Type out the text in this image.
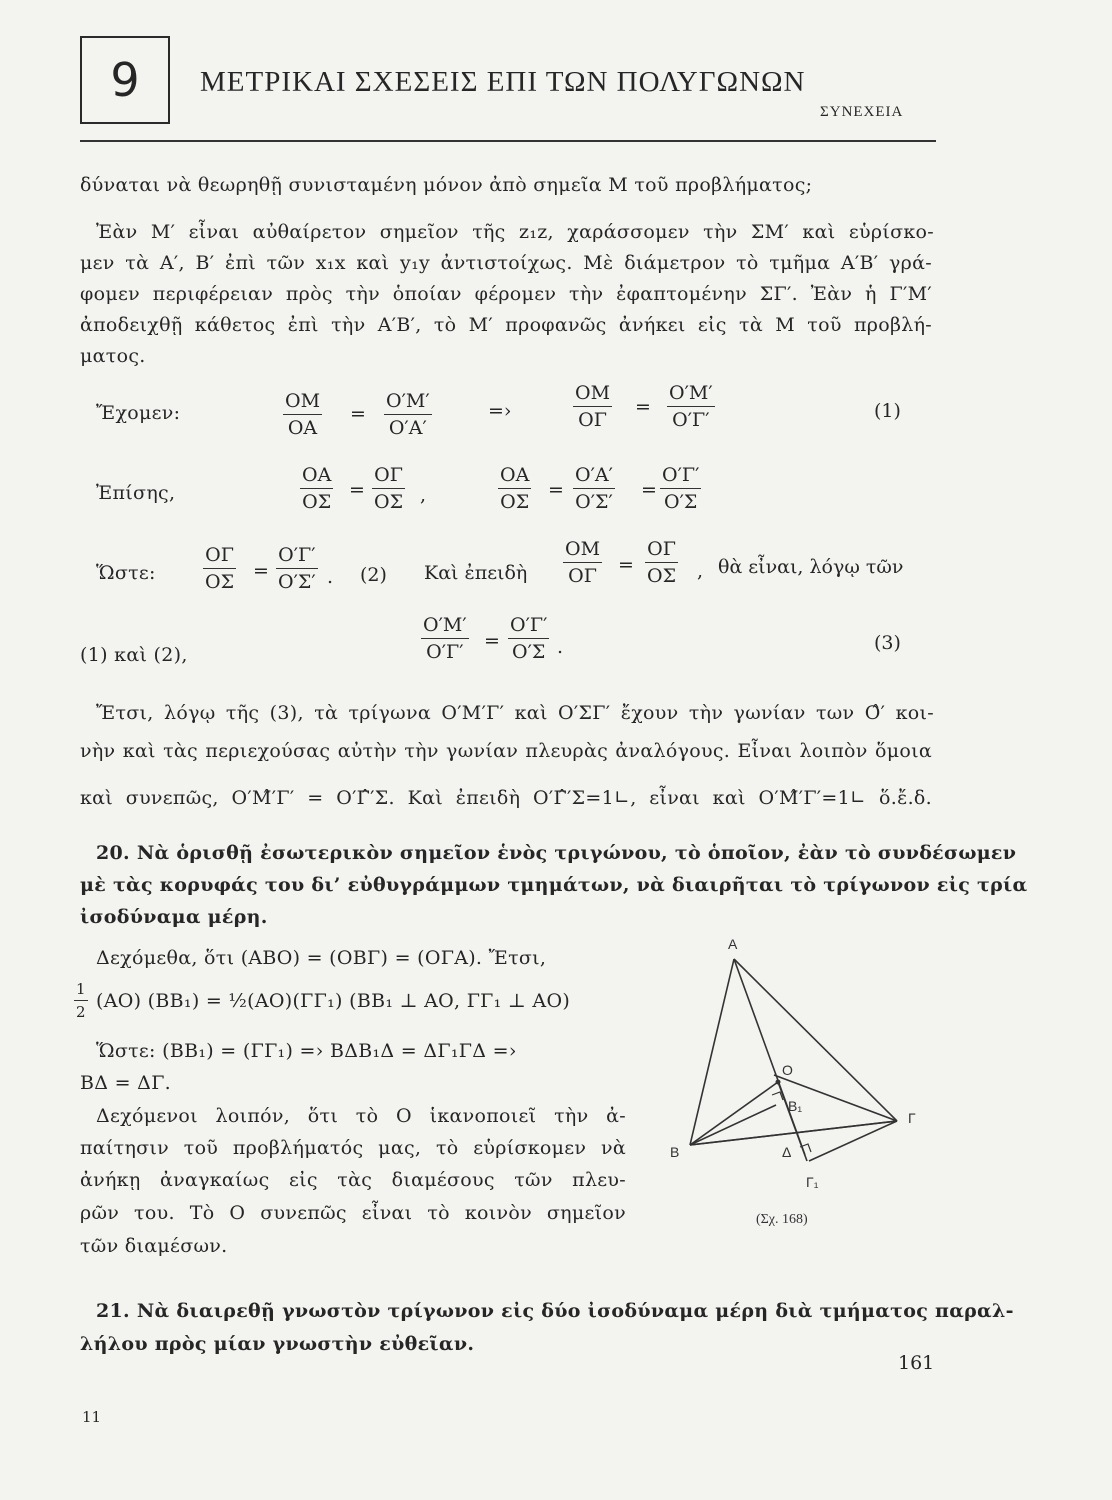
9 ΜΕΤΡΙΚΑΙ ΣΧΕΣΕΙΣ ΕΠΙ ΤΩΝ ΠΟΛΥΓΩΝΩΝ
ΣΥΝΕΧΕΙΑ
δύναται νὰ θεωρηθῇ συνισταμένη μόνον ἀπὸ σημεῖα Μ τοῦ προβλήματος;
Ἐὰν Μ′ εἶναι αὐθαίρετον σημεῖον τῆς z₁z, χαράσσομεν τὴν ΣΜ′ καὶ εὑρίσκο-
μεν τὰ Α′, Β′ ἐπὶ τῶν x₁x καὶ y₁y ἀντιστοίχως. Μὲ διάμετρον τὸ τμῆμα Α′Β′ γρά-
φομεν περιφέρειαν πρὸς τὴν ὁποίαν φέρομεν τὴν ἐφαπτομένην ΣΓ′. Ἐὰν ἡ Γ′Μ′
ἀποδειχθῇ κάθετος ἐπὶ τὴν Α′Β′, τὸ Μ′ προφανῶς ἀνήκει εἰς τὰ Μ τοῦ προβλή-
ματος.
Ἔχομεν:	$\frac{OM}{OA} = \frac{O'M'}{O'A'}$	=›	$\frac{OM}{O\Gamma} = \frac{O'M'}{O'\Gamma'}$	(1)
Ἐπίσης,	$\frac{OA}{O\Sigma} = \frac{O\Gamma}{O\Sigma}$ ,	$\frac{OA}{O\Sigma} = \frac{O'A'}{O'\Sigma'} = \frac{O'\Gamma'}{O'\Sigma}$
Ὥστε: $\frac{O\Gamma}{O\Sigma} = \frac{O'\Gamma'}{O'\Sigma'}$ . (2) Καὶ ἐπειδὴ $\frac{OM}{O\Gamma} = \frac{O\Gamma}{O\Sigma}$ , θὰ εἶναι, λόγῳ τῶν
(1) καὶ (2),	$\frac{O'M'}{O'\Gamma'} = \frac{O'\Gamma'}{O'\Sigma}$ .	(3)
Ἔτσι, λόγῳ τῆς (3), τὰ τρίγωνα Ο′Μ′Γ′ καὶ Ο′ΣΓ′ ἔχουν τὴν γωνίαν των Ο̂′ κοι-
νὴν καὶ τὰς περιεχούσας αὐτὴν τὴν γωνίαν πλευρὰς ἀναλόγους. Εἶναι λοιπὸν ὅμοια
καὶ συνεπῶς, Ο′Μ̂′Γ′ = Ο′Γ̂′Σ. Καὶ ἐπειδὴ Ο′Γ̂′Σ=1∟, εἶναι καὶ Ο′Μ̂′Γ′=1∟ ὅ.ἔ.δ.
20. Νὰ ὁρισθῇ ἐσωτερικὸν σημεῖον ἑνὸς τριγώνου, τὸ ὁποῖον, ἐὰν τὸ συνδέσωμεν
μὲ τὰς κορυφάς του δι’ εὐθυγράμμων τμημάτων, νὰ διαιρῆται τὸ τρίγωνον εἰς τρία
ἰσοδύναμα μέρη.
Δεχόμεθα, ὅτι (ΑΒΟ) = (ΟΒΓ) = (ΟΓΑ). Ἔτσι,
$\frac{1}{2} (AO) (BB_1)$ = ½(ΑΟ)(ΓΓ₁) (ΒΒ₁ ⊥ ΑΟ, ΓΓ₁ ⊥ ΑΟ)
Ὥστε: (ΒΒ₁) = (ΓΓ₁) =› ΒΔΒ₁Δ = ΔΓ₁ΓΔ =›
ΒΔ = ΔΓ.
Δεχόμενοι λοιπόν, ὅτι τὸ Ο ἱκανοποιεῖ τὴν ἀ-
παίτησιν τοῦ προβλήματός μας, τὸ εὑρίσκομεν νὰ
ἀνήκῃ ἀναγκαίως εἰς τὰς διαμέσους τῶν πλευ-
ρῶν του. Τὸ Ο συνεπῶς εἶναι τὸ κοινὸν σημεῖον
τῶν διαμέσων.
Α
Β
Γ
Ο
Β₁
Δ
Γ₁
(Σχ. 168)
21. Νὰ διαιρεθῇ γνωστὸν τρίγωνον εἰς δύο ἰσοδύναμα μέρη διὰ τμήματος παραλ-
λήλου πρὸς μίαν γνωστὴν εὐθεῖαν.
161
11
